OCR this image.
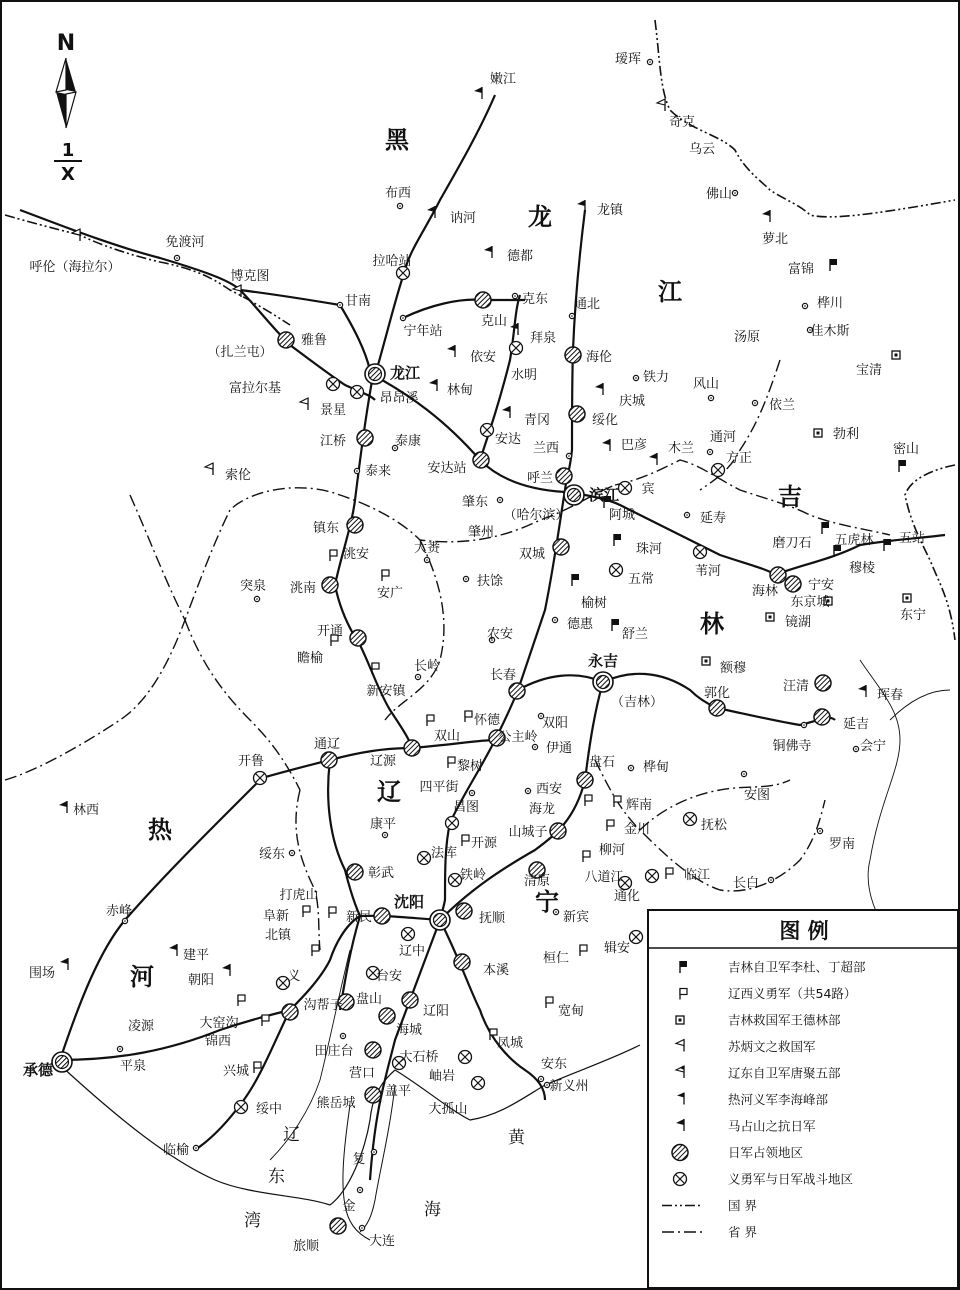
瑷珲
嫩江
奇克
乌云
佛山
萝北
布西
讷河
龙镇
德都
呼伦（海拉尔）
免渡河
博克图
甘南
拉哈站
克东 通北
克山
宁年站	拜泉
（扎兰屯）
雅鲁
依安	海伦
龙江	水明	铁力
富拉尔基
昂昂溪
林甸
庆城
景星
青冈	绥化
江桥	泰康	安达
兰西	巴彦 木兰
通河
方正
索伦	泰来	安达站
呼兰
滨江 宾
肇东
（哈尔滨）	阿城
镇东	肇州
大赉
洮安	双城	珠河
苇河
突泉	安广
扶馀	五常
洮南
榆树
德惠
开通
瞻榆
舒兰
农安
长岭
新安镇
长春
怀德
双山	公主岭
黎树
四平街
昌图
开鲁
通辽
辽源
林西
康平
法库
开源
绥东
彰武	铁岭
打虎山
赤峰
沈阳
抚顺
阜新	新民
北镇
辽中
建平
朝阳	义	台安
围场
大窑沟
锦西
沟帮子 盘山
凌源
平泉
田庄台
营口
兴城
承德
绥中	熊岳城
盖平
临榆
复
金
大连
旅顺
海城
大石桥
岫岩
辽阳
本溪
凤城
安东
新义州
大孤山
宽甸
桓仁
辑安
新宾
通化
八道江	临江
长白
清原
柳河
山城子
海龙
西安
金川
辉南
抚松
盘石 桦甸
伊通
双阳
永吉
（吉林）
郭化	汪清
延吉
会宁
铜佛寺
珲春
安图
罗南
额穆
镜湖
东京城
宁安
海林
磨刀石 五虎林
穆棱
东宁
五站
密山
勃利
依兰
宝清
佳木斯
桦川
富锦
汤原
风山
延寿
N
1
X
黑
龙
江
吉
林
辽
宁
热
河
辽
东
湾
黄
海
图 例
吉林自卫军李杜、丁超部
辽西义勇军（共54路）
吉林救国军王德林部
苏炳文之救国军
辽东自卫军唐聚五部
热河义军李海峰部
马占山之抗日军
日军占领地区
义勇军与日军战斗地区
国 界
省 界
